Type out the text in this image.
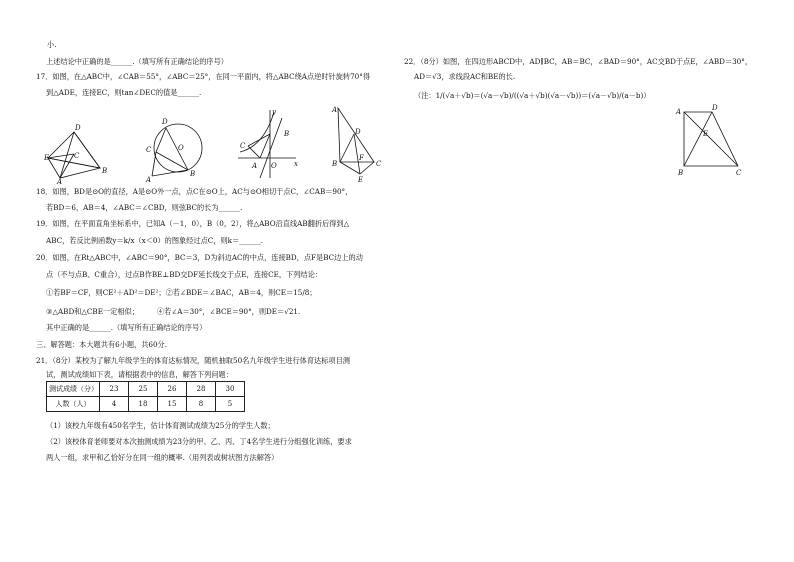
小.
上述结论中正确的是______.（填写所有正确结论的序号）
17．如图，在△ABC中，∠CAB＝55°，∠ABC＝25°，在同一平面内，将△ABC绕A点逆时针旋转70°得
到△ADE，连接EC，则tan∠DEC的值是______.
D
E	C
A
B
C	O
A
B
D
y
C
B
A O x
A
D
F
C
E
B
18．如图，BD是⊙O的直径，A是⊙O外一点，点C在⊙O上，AC与⊙O相切于点C，∠CAB＝90°，
若BD＝6，AB＝4，∠ABC＝∠CBD，则弦BC的长为______.
19．如图，在平面直角坐标系中，已知A（－1，0），B（0，2），将△ABO沿直线AB翻折后得到△
ABC，若反比例函数y＝k/x（x＜0）的图象经过点C，则k＝______.
20．如图，在Rt△ABC中，∠ABC＝90°，BC＝3，D为斜边AC的中点，连接BD，点F是BC边上的动
点（不与点B、C重合），过点B作BE⊥BD交DF延长线交于点E，连接CE，下列结论：
①若BF＝CF，则CE²＋AD²＝DE²；②若∠BDE＝∠BAC，AB＝4，则CE＝15/8；
③△ABD和△CBE一定相似；　　　④若∠A＝30°，∠BCE＝90°，则DE＝√21.
其中正确的是______.（填写所有正确结论的序号）
三、解答题：本大题共有6小题，共60分.
21．（8分）某校为了解九年级学生的体育达标情况，随机抽取50名九年级学生进行体育达标项目测
试，测试成绩如下表，请根据表中的信息，解答下列问题：
测试成绩（分）	23	25	26	28	30
人数（人）	4	18	15	8	5
（1）该校九年级有450名学生，估计体育测试成绩为25分的学生人数；
（2）该校体育老师要对本次抽测成绩为23分的甲、乙、丙、丁4名学生进行分组强化训练，要求
两人一组，求甲和乙恰好分在同一组的概率.（用列表或树状图方法解答）
22．（8分）如图，在四边形ABCD中，AD∥BC，AB＝BC，∠BAD＝90°，AC交BD于点E，∠ABD＝30°，
AD＝√3，求线段AC和BE的长.
（注：1/(√a＋√b)＝(√a－√b)/((√a＋√b)(√a－√b))＝(√a－√b)/(a－b)）
A	D
E
B	C
